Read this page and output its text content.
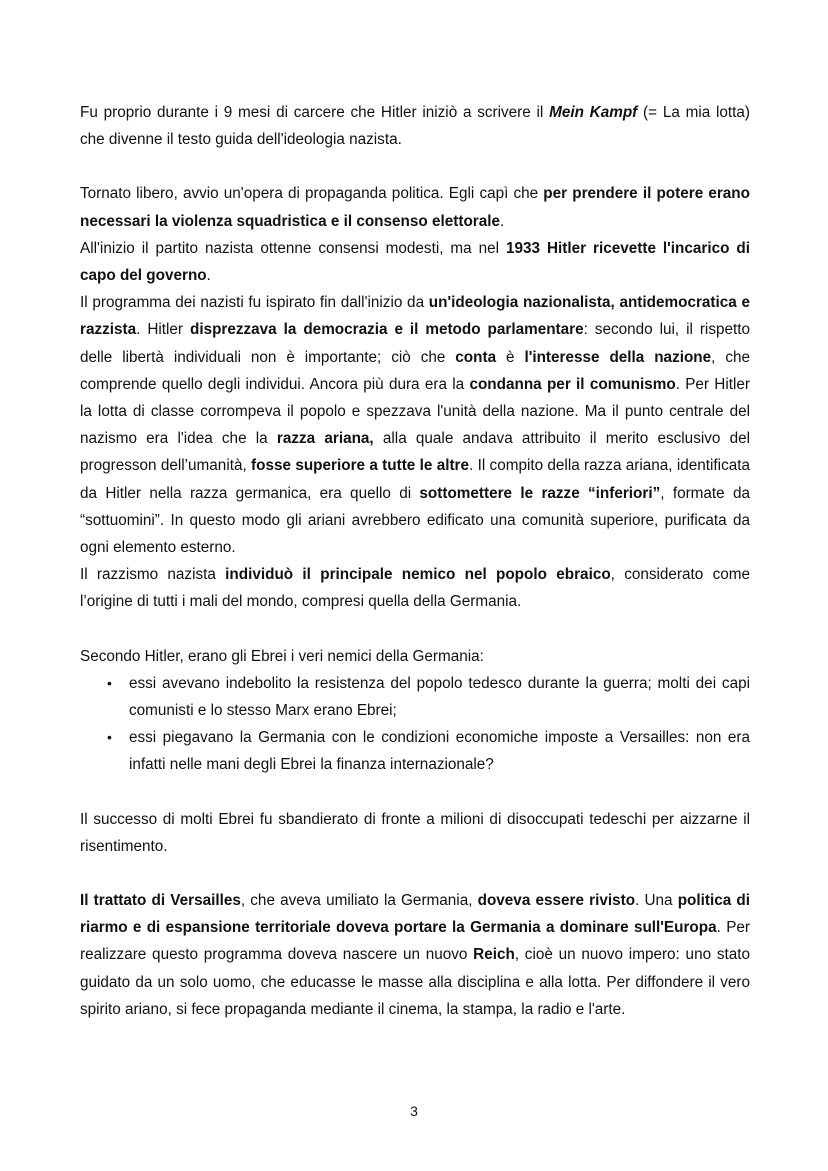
Fu proprio durante i 9 mesi di carcere che Hitler iniziò a scrivere il Mein Kampf (= La mia lotta) che divenne il testo guida dell'ideologia nazista.

Tornato libero, avvio un'opera di propaganda politica. Egli capì che per prendere il potere erano necessari la violenza squadristica e il consenso elettorale.

All'inizio il partito nazista ottenne consensi modesti, ma nel 1933 Hitler ricevette l'incarico di capo del governo.

Il programma dei nazisti fu ispirato fin dall'inizio da un'ideologia nazionalista, antidemocratica e razzista. Hitler disprezzava la democrazia e il metodo parlamentare: secondo lui, il rispetto delle libertà individuali non è importante; ciò che conta è l'interesse della nazione, che comprende quello degli individui. Ancora più dura era la condanna per il comunismo. Per Hitler la lotta di classe corrompeva il popolo e spezzava l'unità della nazione. Ma il punto centrale del nazismo era l'idea che la razza ariana, alla quale andava attribuito il merito esclusivo del progresson dell’umanità, fosse superiore a tutte le altre. Il compito della razza ariana, identificata da Hitler nella razza germanica, era quello di sottomettere le razze “inferiori”, formate da “sottuomini”. In questo modo gli ariani avrebbero edificato una comunità superiore, purificata da ogni elemento esterno.

Il razzismo nazista individuò il principale nemico nel popolo ebraico, considerato come l’origine di tutti i mali del mondo, compresi quella della Germania.

Secondo Hitler, erano gli Ebrei i veri nemici della Germania:

• essi avevano indebolito la resistenza del popolo tedesco durante la guerra; molti dei capi comunisti e lo stesso Marx erano Ebrei;
• essi piegavano la Germania con le condizioni economiche imposte a Versailles: non era infatti nelle mani degli Ebrei la finanza internazionale?

Il successo di molti Ebrei fu sbandierato di fronte a milioni di disoccupati tedeschi per aizzarne il risentimento.

Il trattato di Versailles, che aveva umiliato la Germania, doveva essere rivisto. Una politica di riarmo e di espansione territoriale doveva portare la Germania a dominare sull'Europa. Per realizzare questo programma doveva nascere un nuovo Reich, cioè un nuovo impero: uno stato guidato da un solo uomo, che educasse le masse alla disciplina e alla lotta. Per diffondere il vero spirito ariano, si fece propaganda mediante il cinema, la stampa, la radio e l'arte.

3
